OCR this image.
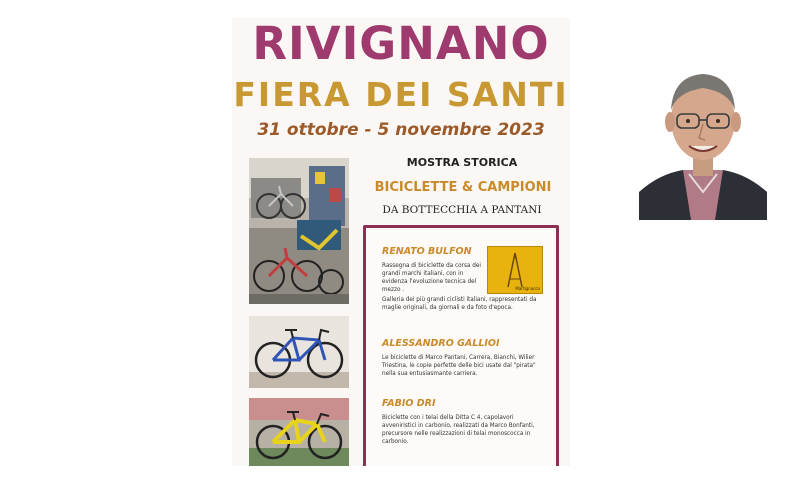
RIVIGNANO
FIERA DEI SANTI
31 ottobre - 5 novembre 2023
MOSTRA STORICA
BICICLETTE & CAMPIONI
DA BOTTECCHIA A PANTANI
RENATO BULFON
Rassegna di biciclette da corsa dei grandi marchi italiani, con in evidenza l'evoluzione tecnica del mezzo .
Galleria dei più grandi ciclisti italiani, rappresentati da maglie originali, da giornali e da foto d'epoca.
Martignacco
ALESSANDRO GALLIOI
Le biciclette di Marco Pantani, Carrera, Bianchi, Wilier Triestina, le copie perfette delle bici usate dal "pirata" nella sua entusiasmante carriera.
FABIO DRI
Biciclette con i telai della Ditta C 4, capolavori avveniristici in carbonio, realizzati da Marco Bonfanti, precursore nelle realizzazioni di telai monoscocca in carbonio.
